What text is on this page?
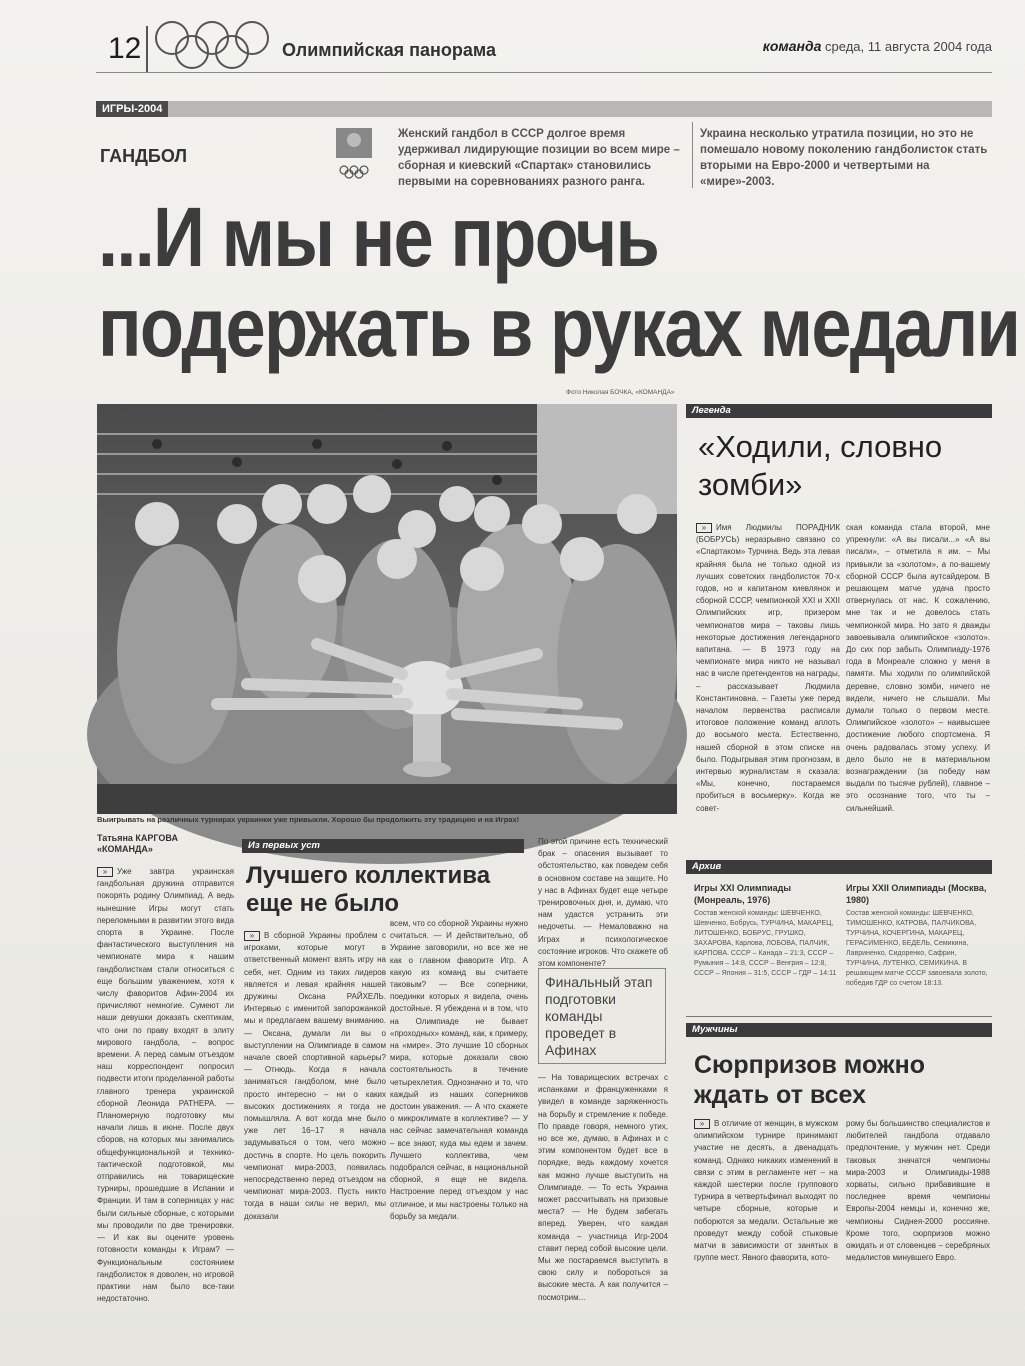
12	Олимпийская панорама	команда среда, 11 августа 2004 года
ИГРЫ-2004
ГАНДБОЛ
Женский гандбол в СССР долгое время удерживал лидирующие позиции во всем мире – сборная и киевский «Спартак» становились первыми на соревнованиях разного ранга.
Украина несколько утратила позиции, но это не помешало новому поколению гандболисток стать вторыми на Евро-2000 и четвертыми на «мире»-2003.
...И мы не прочь
подержать в руках медали
Фото Николая БОЧКА, «КОМАНДА»
Выигрывать на различных турнирах украинки уже привыкли. Хорошо бы продолжить эту традицию и на Играх!
Татьяна КАРГОВА
«КОМАНДА»
» Уже завтра украинская гандбольная дружина отправится покорять родину Олимпиад. А ведь нынешние Игры могут стать переломными в развитии этого вида спорта в Украине. После фантастического выступления на чемпионате мира к нашим гандболисткам стали относиться с еще большим уважением, хотя к числу фаворитов Афин-2004 их причисляют немногие. Сумеют ли наши девушки доказать скептикам, что они по праву входят в элиту мирового гандбола, – вопрос времени. А перед самым отъездом наш корреспондент попросил подвести итоги проделанной работы главного тренера украинской сборной Леонида РАТНЕРА. — Планомерную подготовку мы начали лишь в июне. После двух сборов, на которых мы занимались общефункциональной и технико-тактической подготовкой, мы отправились на товарищеские турниры, прошедшие в Испании и Франции. И там в соперницах у нас были сильные сборные, с которыми мы проводили по две тренировки. — И как вы оцените уровень готовности команды к Играм? — Функциональным состоянием гандболисток я доволен, но игровой практики нам было все-таки недостаточно.
Из первых уст
Лучшего коллектива еще не было
» В сборной Украины проблем с игроками, которые могут в ответственный момент взять игру на себя, нет. Одним из таких лидеров является и левая крайняя нашей дружины Оксана РАЙХЕЛЬ. Интервью с именитой запорожанкой мы и предлагаем вашему вниманию. — Оксана, думали ли вы о выступлении на Олимпиаде в самом начале своей спортивной карьеры? — Отнюдь. Когда я начала заниматься гандболом, мне было просто интересно – ни о каких высоких достижениях я тогда не помышляла. А вот когда мне было уже лет 16–17 я начала задумываться о том, чего можно достичь в спорте. Но цель покорить чемпионат мира-2003, появилась непосредственно перед отъездом на чемпионат мира-2003. Пусть никто тогда в наши силы не верил, мы доказали
всем, что со сборной Украины нужно считаться. — И действительно, об Украине заговорили, но все же не как о главном фаворите Игр. А какую из команд вы считаете таковым? — Все соперники, поединки которых я видела, очень достойные. Я убеждена и в том, что на Олимпиаде не бывает «проходных» команд, как, к примеру, на «мире». Это лучшие 10 сборных мира, которые доказали свою состоятельность в течение четырехлетия. Однозначно и то, что каждый из наших соперников достоин уважения. — А что скажете о микроклимате в коллективе? — У нас сейчас замечательная команда – все знают, куда мы едем и зачем. Лучшего коллектива, чем подобрался сейчас, в национальной сборной, я еще не видела. Настроение перед отъездом у нас отличное, и мы настроены только на борьбу за медали.
По этой причине есть технический брак – опасения вызывает то обстоятельство, как поведем себя в основном составе на защите. Но у нас в Афинах будет еще четыре тренировочных дня, и, думаю, что нам удастся устранить эти недочеты. — Немаловажно на Играх и психологическое состояние игроков. Что скажете об этом компоненте?
Финальный этап подготовки команды проведет в Афинах
— На товарищеских встречах с испанками и француженками я увидел в команде заряженность на борьбу и стремление к победе. По правде говоря, немного утих, но все же, думаю, в Афинах и с этим компонентом будет все в порядке, ведь каждому хочется как можно лучше выступить на Олимпиаде. — То есть Украина может рассчитывать на призовые места? — Не будем забегать вперед. Уверен, что каждая команда – участница Игр-2004 ставит перед собой высокие цели. Мы же постараемся выступить в свою силу и побороться за высокие места. А как получится – посмотрим...
Легенда
«Ходили, словно зомби»
» Имя Людмилы ПОРАДНИК (БОБРУСЬ) неразрывно связано со «Спартаком» Турчина. Ведь эта левая крайняя была не только одной из лучших советских гандболисток 70-х годов, но и капитаном киевлянок и сборной СССР, чемпионкой XXI и XXII Олимпийских игр, призером чемпионатов мира – таковы лишь некоторые достижения легендарного капитана. — В 1973 году на чемпионате мира никто не называл нас в числе претендентов на награды, – рассказывает Людмила Константиновна. – Газеты уже перед началом первенства расписали итоговое положение команд аплоть до восьмого места. Естественно, нашей сборной в этом списке на было. Подыгрывая этим прогнозам, в интервью журналистам я сказала: «Мы, конечно, постараемся пробиться в восьмерку». Когда же совет-
ская команда стала второй, мне упрекнули: «А вы писали...» «А вы писали», – отметила я им. – Мы привыкли за «золотом», а по-вашему сборной СССР была аутсайдером. В решающем матче удача просто отвернулась от нас. К сожалению, мне так и не довелось стать чемпионкой мира. Но зато я дважды завоевывала олимпийское «золото». До сих пор забыть Олимпиаду-1976 года в Монреале сложно у меня в памяти. Мы ходили по олимпийской деревне, словно зомби, ничего не видели, ничего не слышали. Мы думали только о первом месте. Олимпийское «золото» – наивысшее достижение любого спортсмена. Я очень радовалась этому успеху. И дело было не в материальном вознаграждении (за победу нам выдали по тысяче рублей), главное – это осознание того, что ты – сильнейший.
Архив
Игры XXI Олимпиады (Монреаль, 1976)
Состав женской команды: ШЕВЧЕНКО, Шевченко, Бобрусь, ТУРЧИНА, МАКАРЕЦ, ЛИТОШЕНКО, БОБРУС, ГРУШКО, ЗАХАРОВА, Карлова, ЛОБОВА, ПАЛЧИК, КАРПОВА. СССР – Канада – 21:3, СССР – Румыния – 14:8, СССР – Венгрия – 12:8, СССР – Япония – 31:5, СССР – ГДР – 14:11
Игры XXII Олимпиады (Москва, 1980)
Состав женской команды: ШЕВЧЕНКО, ТИМОШЕНКО, КАТРОВА, ПАЛЧИКОВА, ТУРЧИНА, КОЧЕРГИНА, МАКАРЕЦ, ГЕРАСИМЕНКО, БЕДЕЛЬ, Семикина, Лавриненко, Сидоренко, Сафрин, ТУРЧИНА, ЛУТЕНКО, СЕМИКИНА. В решающем матче СССР завоевала золото, победив ГДР со счетом 18:13.
Мужчины
Сюрпризов можно ждать от всех
» В отличие от женщин, в мужском олимпийском турнире принимают участие не десять, а двенадцать команд. Однако никаких изменений в связи с этим в регламенте нет – на каждой шестерки после группового турнира в четвертьфинал выходят по четыре сборные, которые и поборются за медали. Остальные же проведут между собой стыковые матчи в зависимости от занятых в группе мест. Явного фаворита, кото-
рому бы большинство специалистов и любителей гандбола отдавало предпочтение, у мужчин нет. Среди таковых значатся чемпионы мира-2003 и Олимпиады-1988 хорваты, сильно прибавившие в последнее время чемпионы Европы-2004 немцы и, конечно же, чемпионы Сиднея-2000 россияне. Кроме того, сюрпризов можно ожидать и от словенцев – серебряных медалистов минувшего Евро.
